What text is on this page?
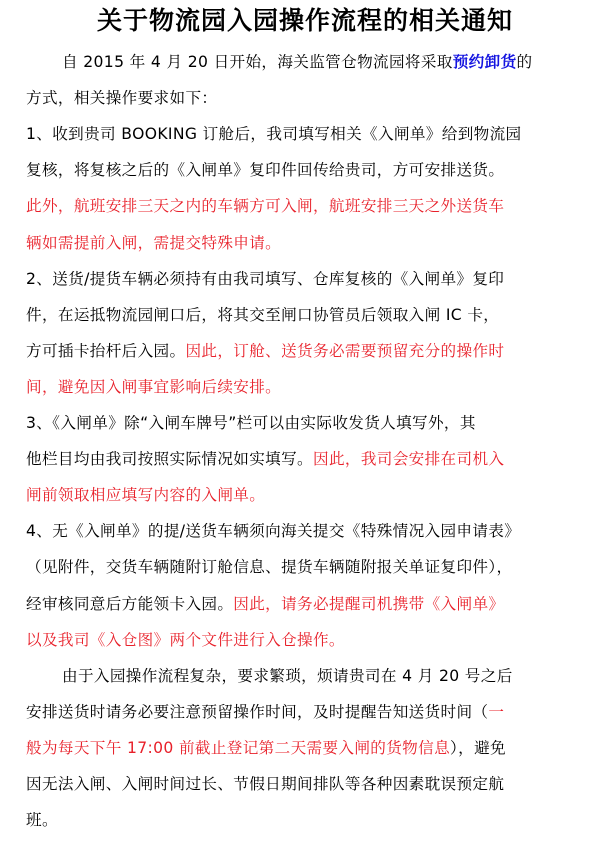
关于物流园入园操作流程的相关通知
自 2015 年 4 月 20 日开始，海关监管仓物流园将采取预约卸货的
方式，相关操作要求如下：
1、收到贵司 BOOKING 订舱后，我司填写相关《入闸单》给到物流园
复核，将复核之后的《入闸单》复印件回传给贵司，方可安排送货。
此外，航班安排三天之内的车辆方可入闸，航班安排三天之外送货车
辆如需提前入闸，需提交特殊申请。
2、送货/提货车辆必须持有由我司填写、仓库复核的《入闸单》复印
件，在运抵物流园闸口后，将其交至闸口协管员后领取入闸 IC 卡，
方可插卡抬杆后入园。因此，订舱、送货务必需要预留充分的操作时
间，避免因入闸事宜影响后续安排。
3、《入闸单》除“入闸车牌号”栏可以由实际收发货人填写外，其
他栏目均由我司按照实际情况如实填写。因此，我司会安排在司机入
闸前领取相应填写内容的入闸单。
4、无《入闸单》的提/送货车辆须向海关提交《特殊情况入园申请表》
（见附件，交货车辆随附订舱信息、提货车辆随附报关单证复印件），
经审核同意后方能领卡入园。因此，请务必提醒司机携带《入闸单》
以及我司《入仓图》两个文件进行入仓操作。
由于入园操作流程复杂，要求繁琐，烦请贵司在 4 月 20 号之后
安排送货时请务必要注意预留操作时间，及时提醒告知送货时间（一
般为每天下午 17:00 前截止登记第二天需要入闸的货物信息），避免
因无法入闸、入闸时间过长、节假日期间排队等各种因素耽误预定航
班。
